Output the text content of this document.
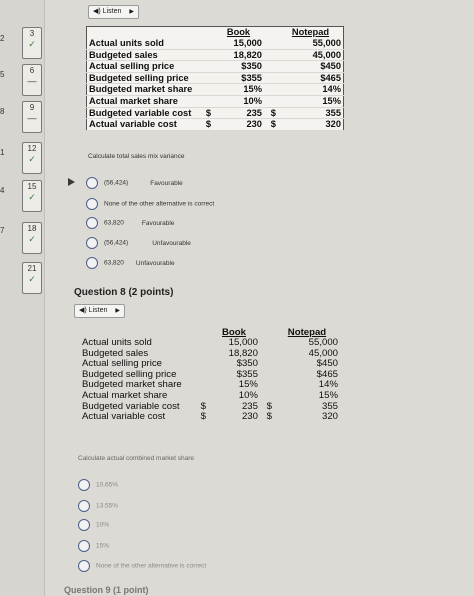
2
3
✓
5	6
—
8	9
—
1	12
✓
4	15
✓
7	18
✓
21
✓
◀) Listen ▶
		Book		Notepad
Actual units sold		15,000		55,000
Budgeted sales		18,820		45,000
Actual selling price		$350		$450
Budgeted selling price		$355		$465
Budgeted market share		15%		14%
Actual market share		10%		15%
Budgeted variable cost	$	235	$	355
Actual variable cost	$	230	$	320
Calculate total sales mix variance
(56,424)	Favourable
None of the other alternative is correct
63,820	Favourable
(56,424)	Unfavourable
63,820 Unfavourable
Question 8 (2 points)
◀) Listen ▶
		Book		Notepad
Actual units sold		15,000		55,000
Budgeted sales		18,820		45,000
Actual selling price		$350		$450
Budgeted selling price		$355		$465
Budgeted market share		15%		14%
Actual market share		10%		15%
Budgeted variable cost	$	235	$	355
Actual variable cost	$	230	$	320
Calculate actual combined market share
10.65%
13.55%
10%
15%
None of the other alternative is correct
Question 9 (1 point)
